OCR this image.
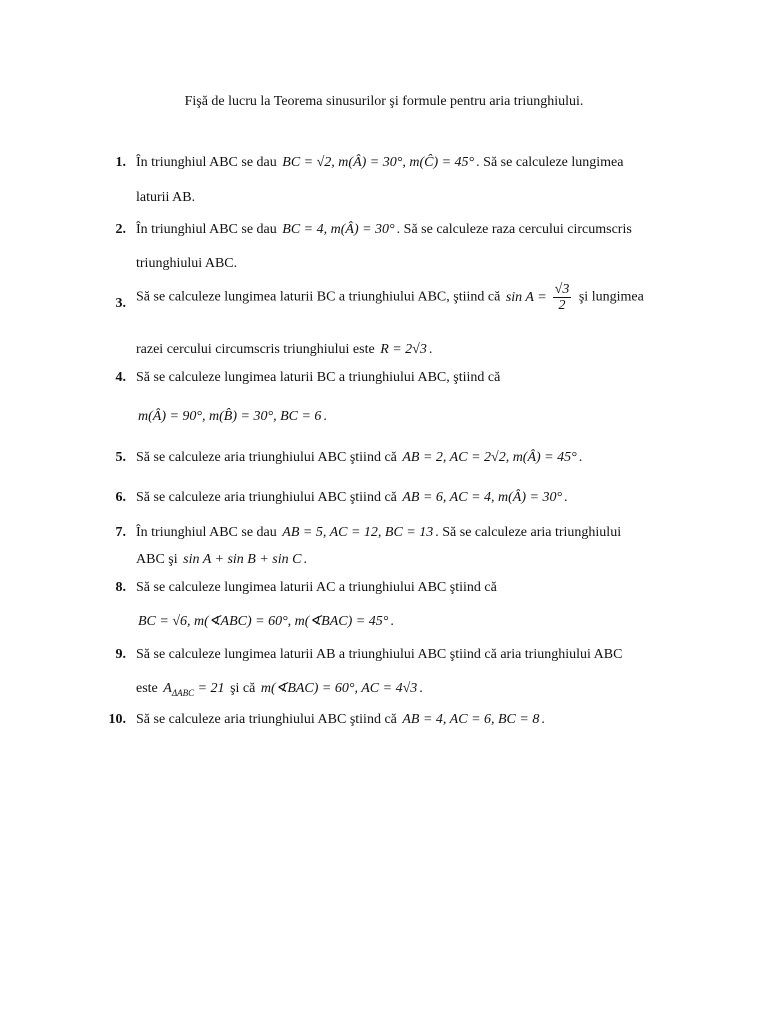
Fişă de lucru la Teorema sinusurilor şi formule pentru aria triunghiului.
1. În triunghiul ABC se dau BC = √2, m(Â) = 30°, m(Ĉ) = 45° . Să se calculeze lungimea
laturii AB.
2. În triunghiul ABC se dau BC = 4, m(Â) = 30° . Să se calculeze raza cercului circumscris
triunghiului ABC.
3. Să se calculeze lungimea laturii BC a triunghiului ABC, ştiind că $\sin A = \frac{√3}{2}$ şi lungimea
razei cercului circumscris triunghiului este R = 2√3 .
4. Să se calculeze lungimea laturii BC a triunghiului ABC, ştiind că
m(Â) = 90°, m(B̂) = 30°, BC = 6 .
5. Să se calculeze aria triunghiului ABC ştiind că AB = 2, AC = 2√2, m(Â) = 45° .
6. Să se calculeze aria triunghiului ABC ştiind că AB = 6, AC = 4, m(Â) = 30° .
7. În triunghiul ABC se dau AB = 5, AC = 12, BC = 13 . Să se calculeze aria triunghiului
ABC şi sin A + sin B + sin C .
8. Să se calculeze lungimea laturii AC a triunghiului ABC ştiind că
BC = √6, m(∢ABC) = 60°, m(∢BAC) = 45° .
9. Să se calculeze lungimea laturii AB a triunghiului ABC ştiind că aria triunghiului ABC
este $A_{\Delta ABC} = 21$ şi că m(∢BAC) = 60°, AC = 4√3 .
10. Să se calculeze aria triunghiului ABC ştiind că AB = 4, AC = 6, BC = 8 .
